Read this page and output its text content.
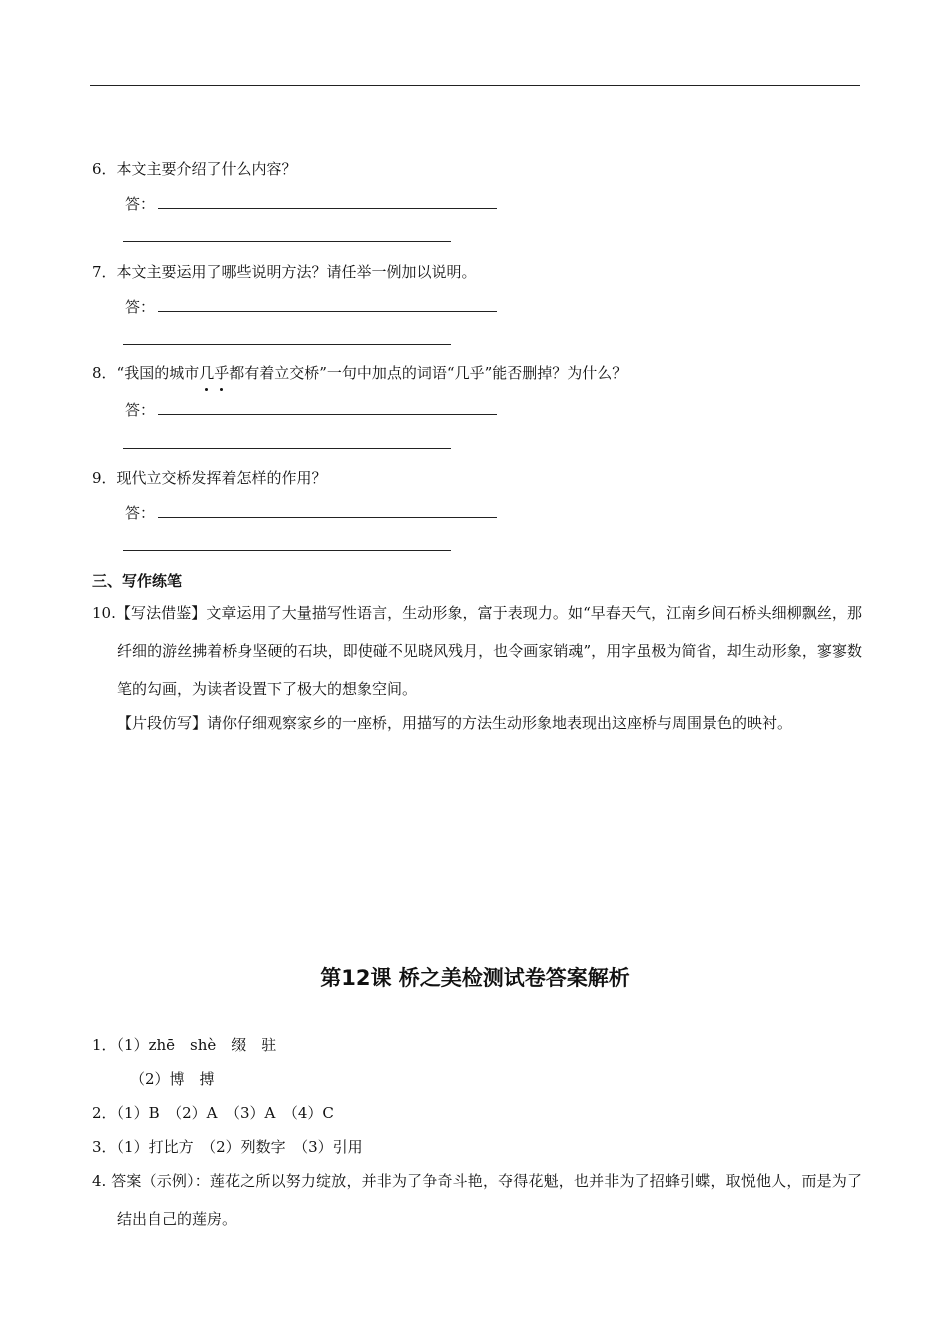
6．本文主要介绍了什么内容？
答：
7．本文主要运用了哪些说明方法？请任举一例加以说明。
答：
8．“我国的城市几乎
都有着立交桥”一句中加点的词语“几乎”能否删掉？为什么？
答：
9．现代立交桥发挥着怎样的作用？
答：
三、写作练笔
10.【写法借鉴】文章运用了大量描写性语言，生动形象，富于表现力。如“早春天气，江南乡间石桥头细柳飘丝，那纤细的游丝拂着桥身坚硬的石块，即使碰不见晓风残月，也令画家销魂”，用字虽极为简省，却生动形象，寥寥数笔的勾画，为读者设置下了极大的想象空间。
【片段仿写】请你仔细观察家乡的一座桥，用描写的方法生动形象地表现出这座桥与周围景色的映衬。
第12课 桥之美检测试卷答案解析
1．（1）zhē　shè　缀　驻
（2）博　搏
2．（1）B　（2）A　（3）A　（4）C
3．（1）打比方　（2）列数字　（3）引用
4. 答案（示例）：莲花之所以努力绽放，并非为了争奇斗艳，夺得花魁，也并非为了招蜂引蝶，取悦他人，而是为了结出自己的莲房。
